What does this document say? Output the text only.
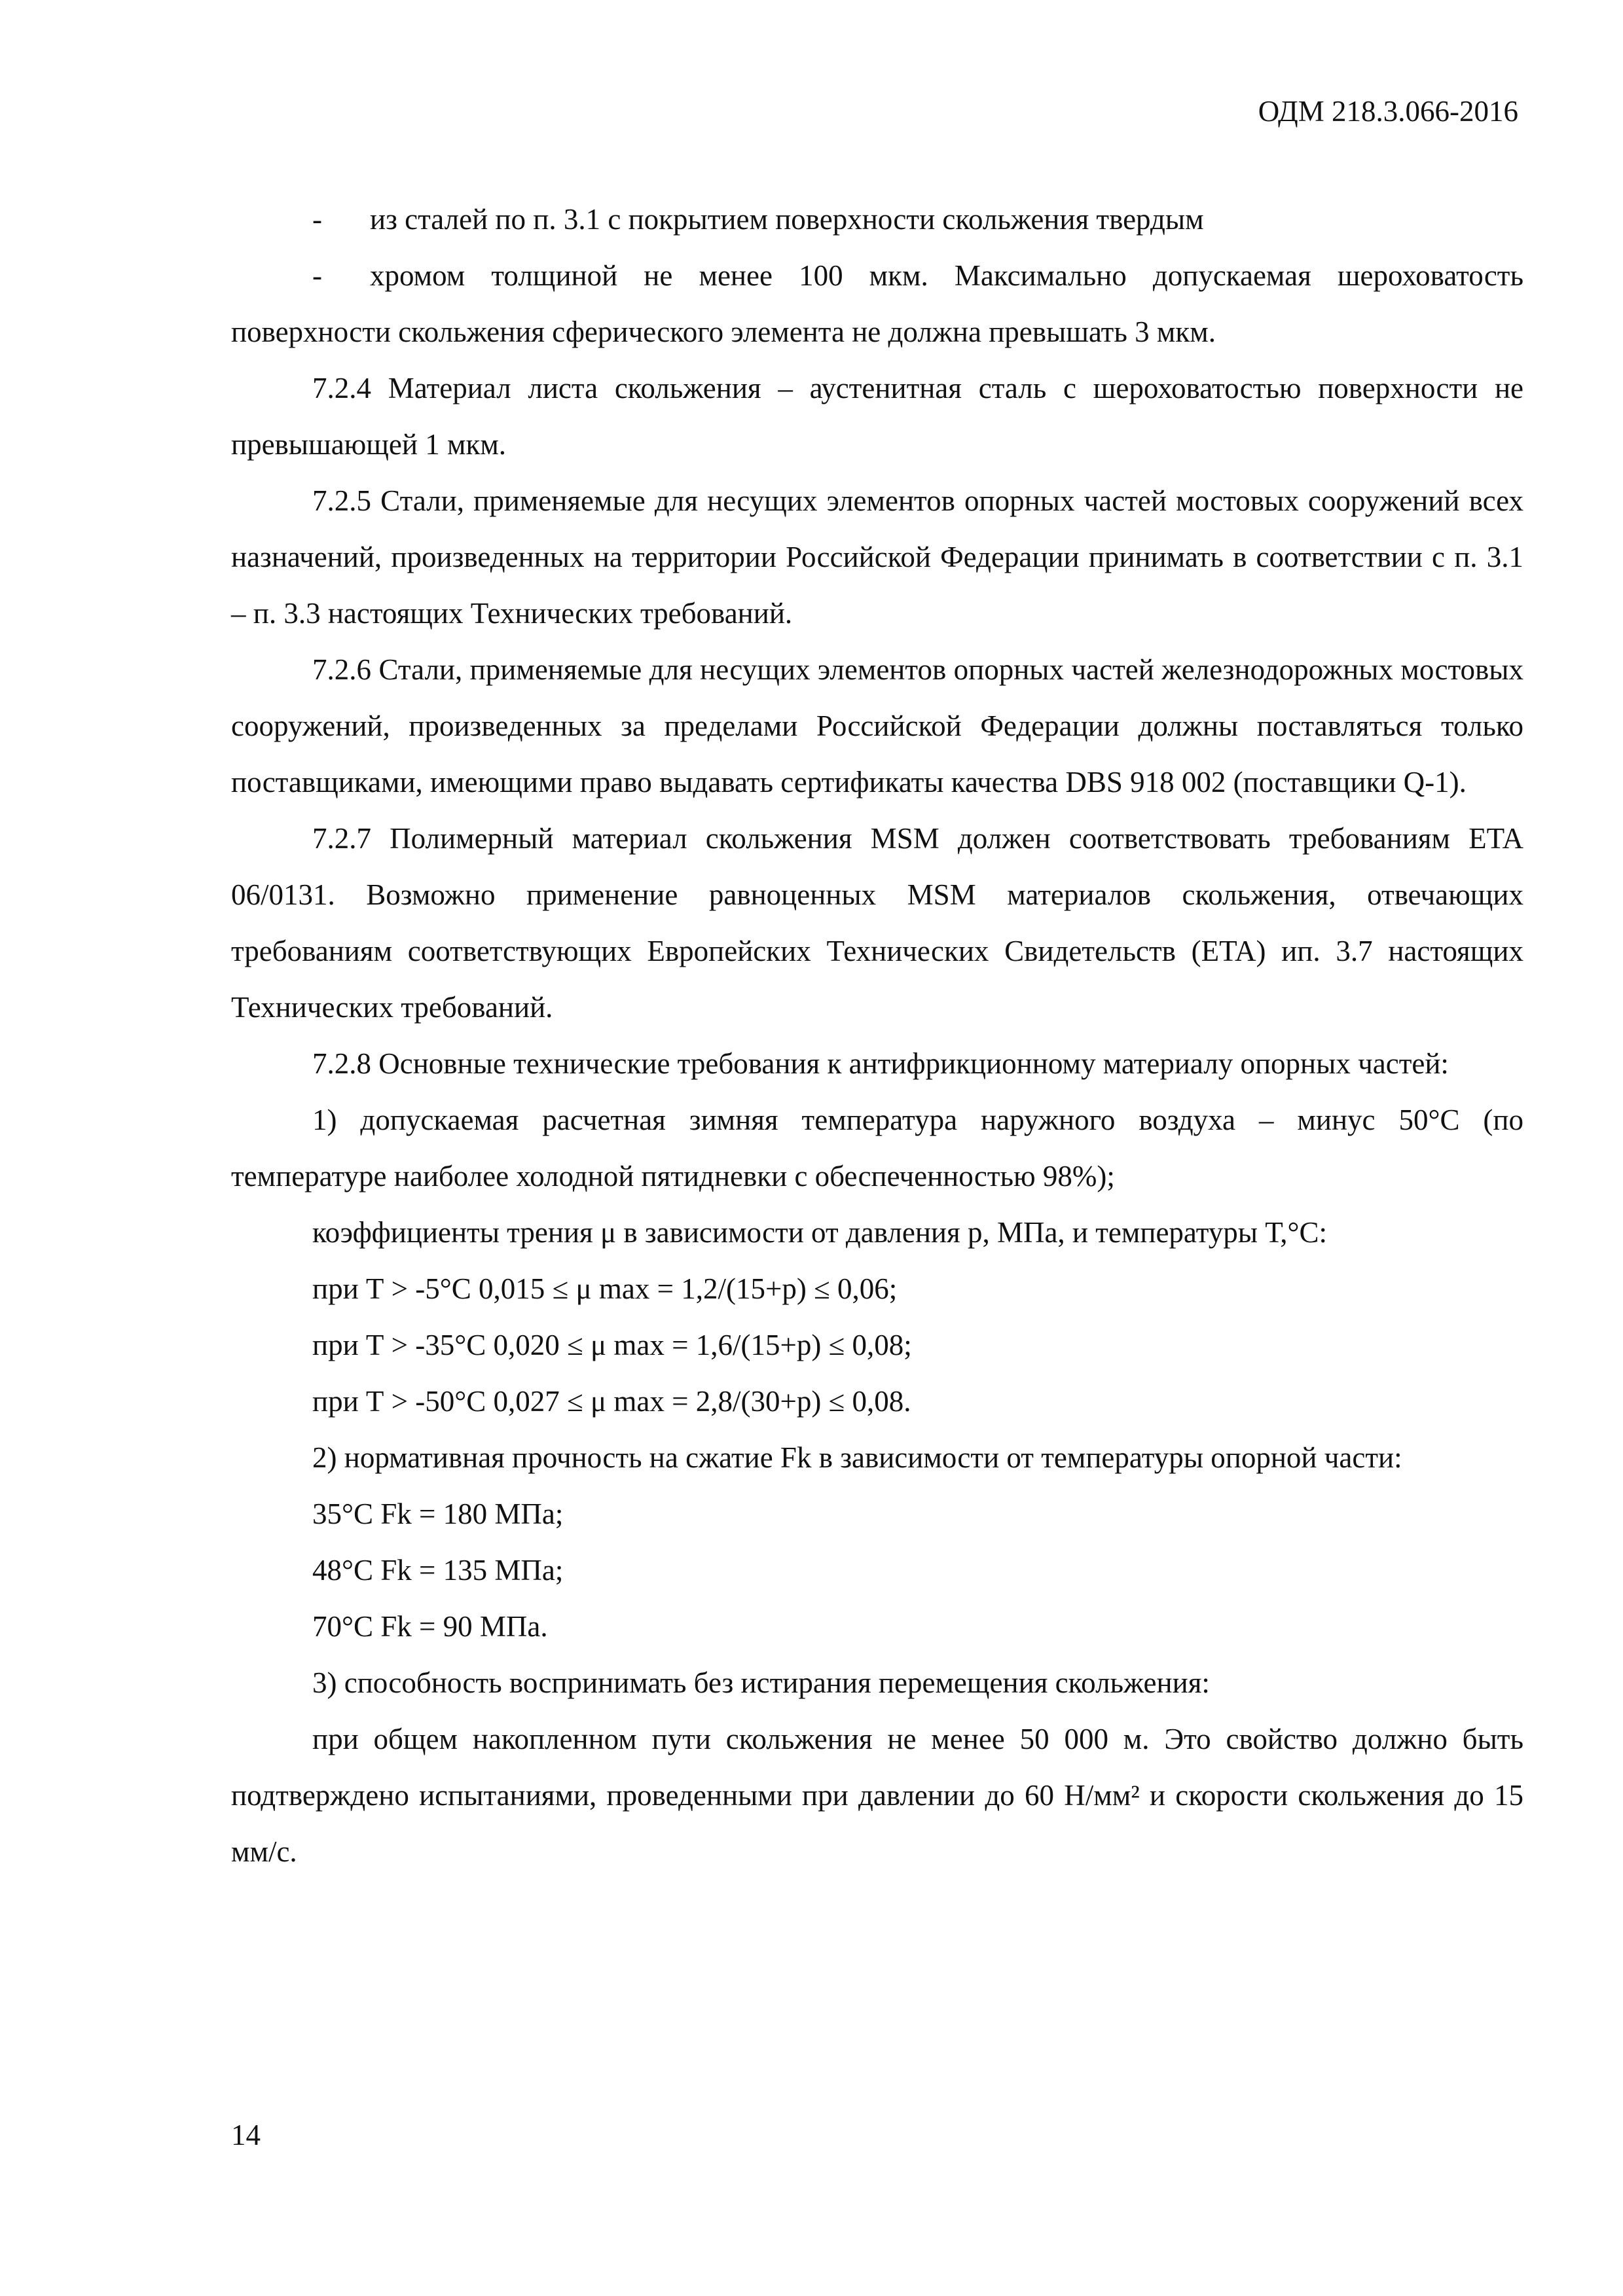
ОДМ 218.3.066-2016

- из сталей по п. 3.1 с покрытием поверхности скольжения твердым

- хромом толщиной не менее 100 мкм. Максимально допускаемая шероховатость поверхности скольжения сферического элемента не должна превышать 3 мкм.

7.2.4 Материал листа скольжения – аустенитная сталь с шероховатостью поверхности не превышающей 1 мкм.

7.2.5 Стали, применяемые для несущих элементов опорных частей мостовых сооружений всех назначений, произведенных на территории Российской Федерации принимать в соответствии с п. 3.1 – п. 3.3 настоящих Технических требований.

7.2.6 Стали, применяемые для несущих элементов опорных частей железнодорожных мостовых сооружений, произведенных за пределами Российской Федерации должны поставляться только поставщиками, имеющими право выдавать сертификаты качества DBS 918 002 (поставщики Q-1).

7.2.7 Полимерный материал скольжения MSM должен соответствовать требованиям ETA 06/0131. Возможно применение равноценных MSM материалов скольжения, отвечающих требованиям соответствующих Европейских Технических Свидетельств (ETA) ип. 3.7 настоящих Технических требований.

7.2.8 Основные технические требования к антифрикционному материалу опорных частей:

1) допускаемая расчетная зимняя температура наружного воздуха – минус 50°С (по температуре наиболее холодной пятидневки с обеспеченностью 98%);

коэффициенты трения μ в зависимости от давления p, МПа, и температуры Т,°С:

при Т > -5°С 0,015 ≤ μ max = 1,2/(15+p) ≤ 0,06;

при Т > -35°С 0,020 ≤ μ max = 1,6/(15+p) ≤ 0,08;

при Т > -50°С 0,027 ≤ μ max = 2,8/(30+p) ≤ 0,08.

2) нормативная прочность на сжатие Fk в зависимости от температуры опорной части:

35°С Fk = 180 МПа;

48°С Fk = 135 МПа;

70°С Fk = 90 МПа.

3) способность воспринимать без истирания перемещения скольжения:

при общем накопленном пути скольжения не менее 50 000 м. Это свойство должно быть подтверждено испытаниями, проведенными при давлении до 60 Н/мм² и скорости скольжения до 15 мм/с.

14
